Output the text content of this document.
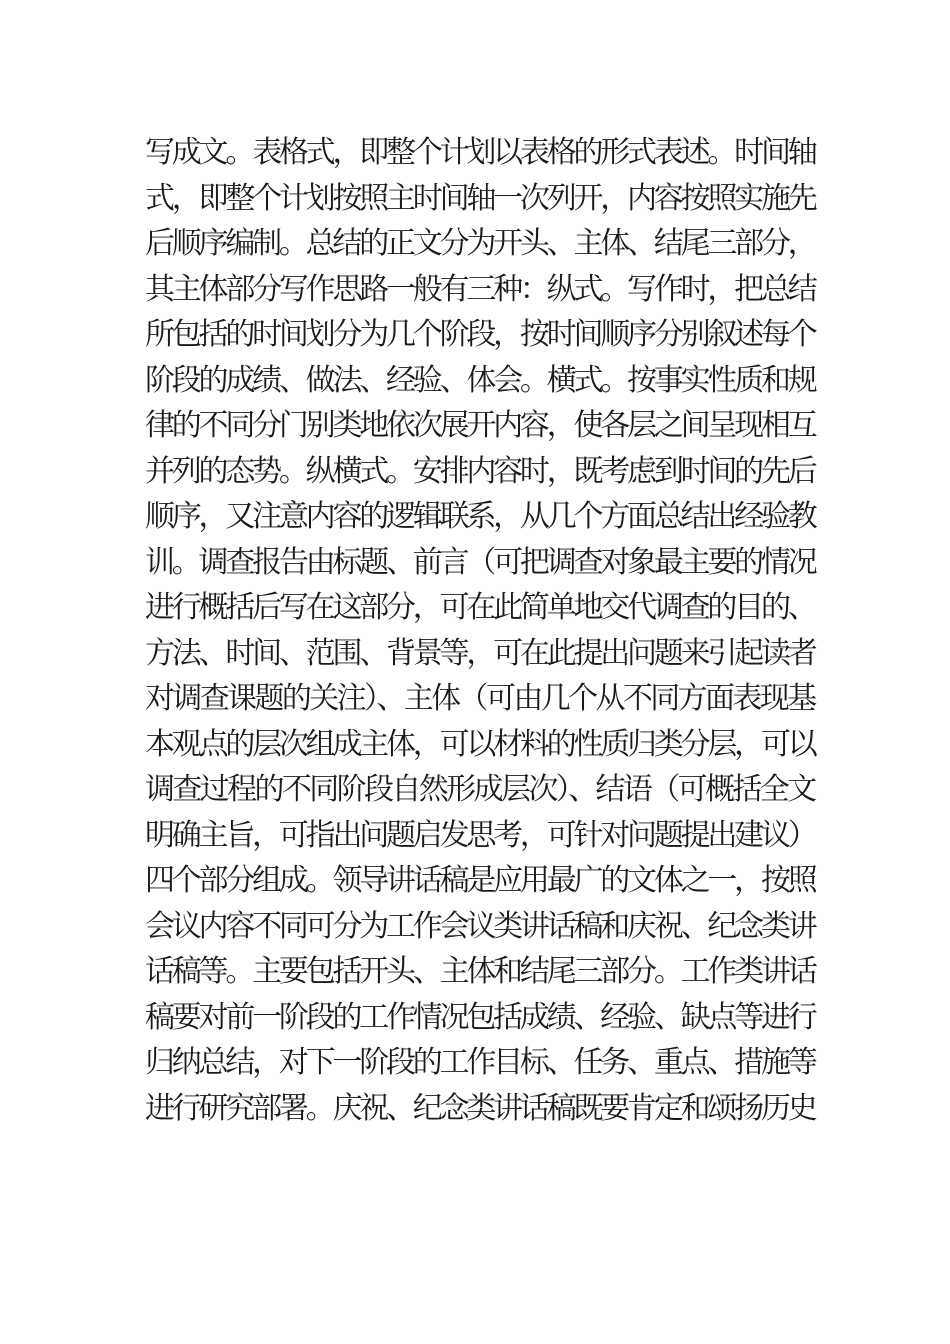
写成文。表格式，即整个计划以表格的形式表述。时间轴
式，即整个计划按照主时间轴一次列开，内容按照实施先
后顺序编制。总结的正文分为开头、主体、结尾三部分，
其主体部分写作思路一般有三种：纵式。写作时，把总结
所包括的时间划分为几个阶段，按时间顺序分别叙述每个
阶段的成绩、做法、经验、体会。横式。按事实性质和规
律的不同分门别类地依次展开内容，使各层之间呈现相互
并列的态势。纵横式。安排内容时，既考虑到时间的先后
顺序，又注意内容的逻辑联系，从几个方面总结出经验教
训。调查报告由标题、前言（可把调查对象最主要的情况
进行概括后写在这部分，可在此简单地交代调查的目的、
方法、时间、范围、背景等，可在此提出问题来引起读者
对调查课题的关注）、主体（可由几个从不同方面表现基
本观点的层次组成主体，可以材料的性质归类分层，可以
调查过程的不同阶段自然形成层次）、结语（可概括全文
明确主旨，可指出问题启发思考，可针对问题提出建议）
四个部分组成。领导讲话稿是应用最广的文体之一，按照
会议内容不同可分为工作会议类讲话稿和庆祝、纪念类讲
话稿等。主要包括开头、主体和结尾三部分。工作类讲话
稿要对前一阶段的工作情况包括成绩、经验、缺点等进行
归纳总结，对下一阶段的工作目标、任务、重点、措施等
进行研究部署。庆祝、纪念类讲话稿既要肯定和颂扬历史
